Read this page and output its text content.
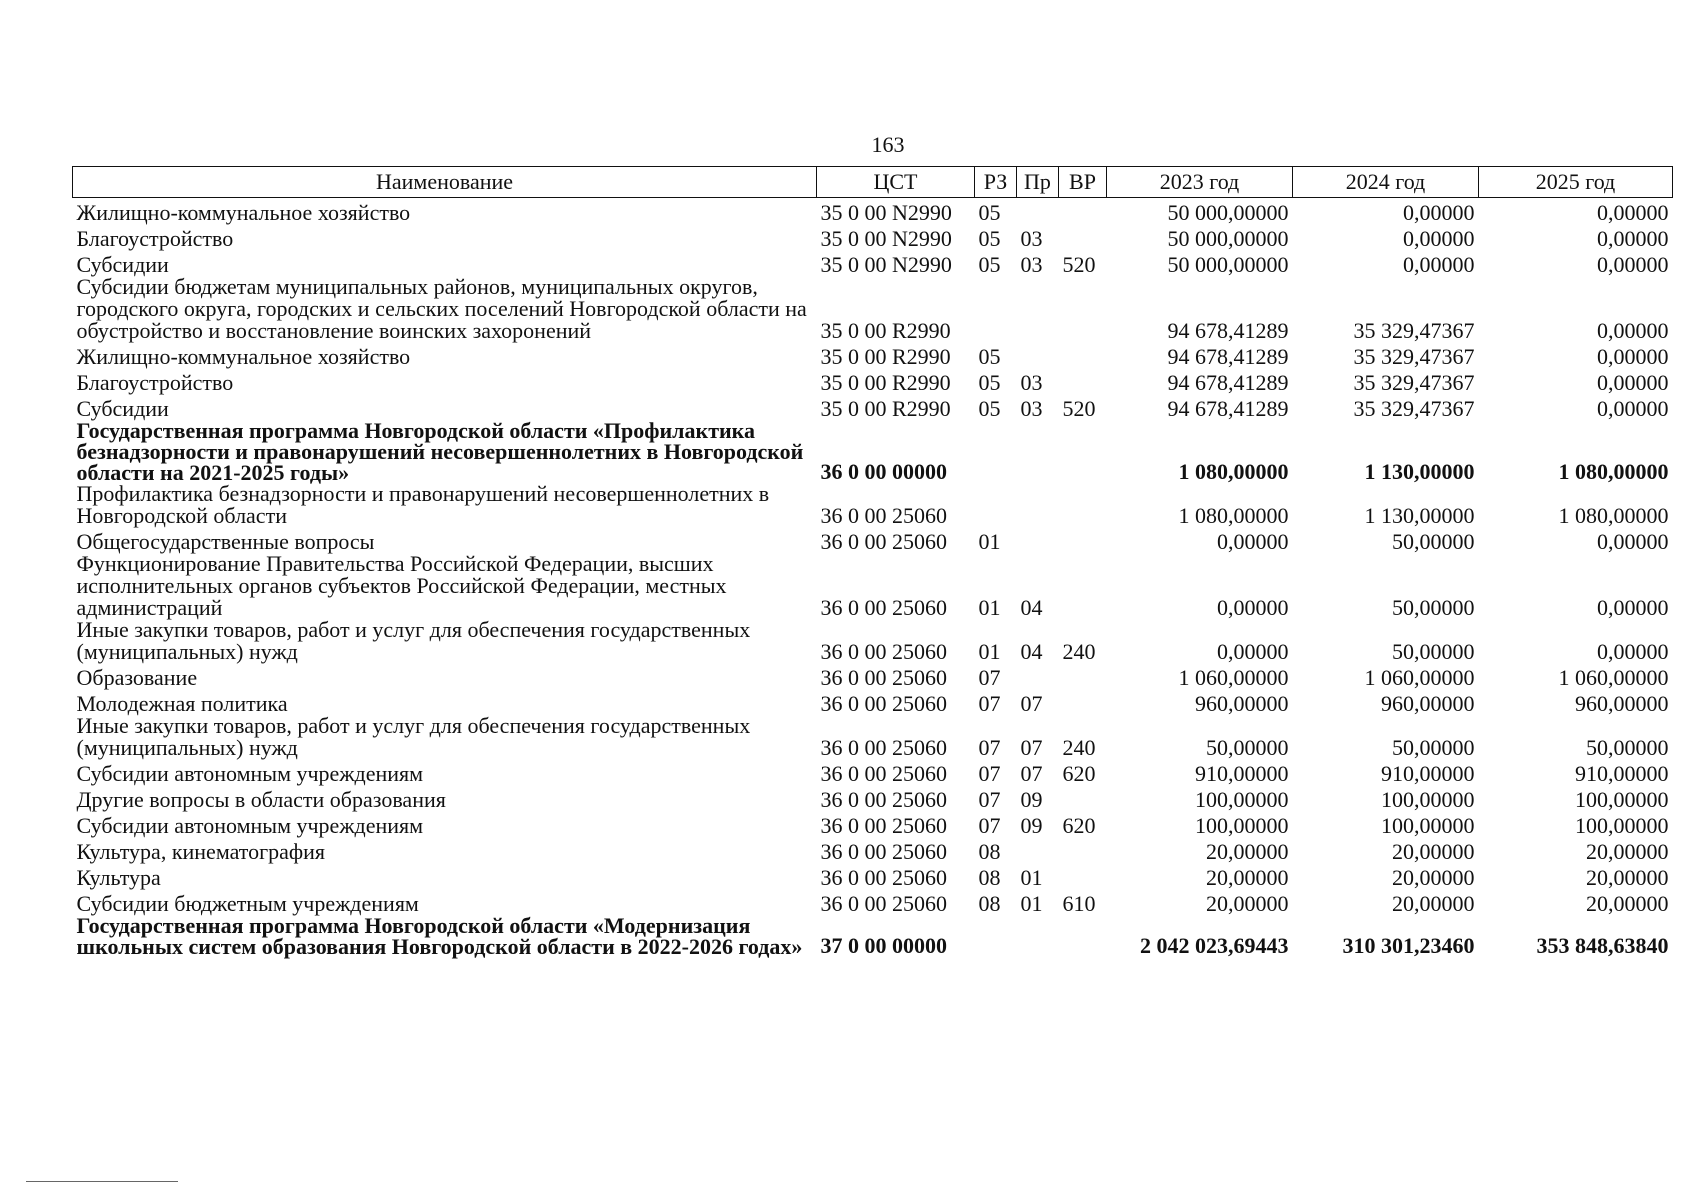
163
Наименование	ЦСТ	РЗ	Пр	ВР	2023 год	2024 год	2025 год
Жилищно-коммунальное хозяйство	35 0 00 N2990	05			50 000,00000	0,00000	0,00000
Благоустройство	35 0 00 N2990	05	03		50 000,00000	0,00000	0,00000
Субсидии	35 0 00 N2990	05	03	520	50 000,00000	0,00000	0,00000
Субсидии бюджетам муниципальных районов, муниципальных округов, городского округа, городских и сельских поселений Новгородской области на обустройство и восстановление воинских захоронений	35 0 00 R2990				94 678,41289	35 329,47367	0,00000
Жилищно-коммунальное хозяйство	35 0 00 R2990	05			94 678,41289	35 329,47367	0,00000
Благоустройство	35 0 00 R2990	05	03		94 678,41289	35 329,47367	0,00000
Субсидии	35 0 00 R2990	05	03	520	94 678,41289	35 329,47367	0,00000
Государственная программа Новгородской области «Профилактика безнадзорности и правонарушений несовершеннолетних в Новгородской области на 2021-2025 годы»	36 0 00 00000				1 080,00000	1 130,00000	1 080,00000
Профилактика безнадзорности и правонарушений несовершеннолетних в Новгородской области	36 0 00 25060				1 080,00000	1 130,00000	1 080,00000
Общегосударственные вопросы	36 0 00 25060	01			0,00000	50,00000	0,00000
Функционирование Правительства Российской Федерации, высших исполнительных органов субъектов Российской Федерации, местных администраций	36 0 00 25060	01	04		0,00000	50,00000	0,00000
Иные закупки товаров, работ и услуг для обеспечения государственных (муниципальных) нужд	36 0 00 25060	01	04	240	0,00000	50,00000	0,00000
Образование	36 0 00 25060	07			1 060,00000	1 060,00000	1 060,00000
Молодежная политика	36 0 00 25060	07	07		960,00000	960,00000	960,00000
Иные закупки товаров, работ и услуг для обеспечения государственных (муниципальных) нужд	36 0 00 25060	07	07	240	50,00000	50,00000	50,00000
Субсидии автономным учреждениям	36 0 00 25060	07	07	620	910,00000	910,00000	910,00000
Другие вопросы в области образования	36 0 00 25060	07	09		100,00000	100,00000	100,00000
Субсидии автономным учреждениям	36 0 00 25060	07	09	620	100,00000	100,00000	100,00000
Культура, кинематография	36 0 00 25060	08			20,00000	20,00000	20,00000
Культура	36 0 00 25060	08	01		20,00000	20,00000	20,00000
Субсидии бюджетным учреждениям	36 0 00 25060	08	01	610	20,00000	20,00000	20,00000
Государственная программа Новгородской области «Модернизация школьных систем образования Новгородской области в 2022-2026 годах»	37 0 00 00000				2 042 023,69443	310 301,23460	353 848,63840
